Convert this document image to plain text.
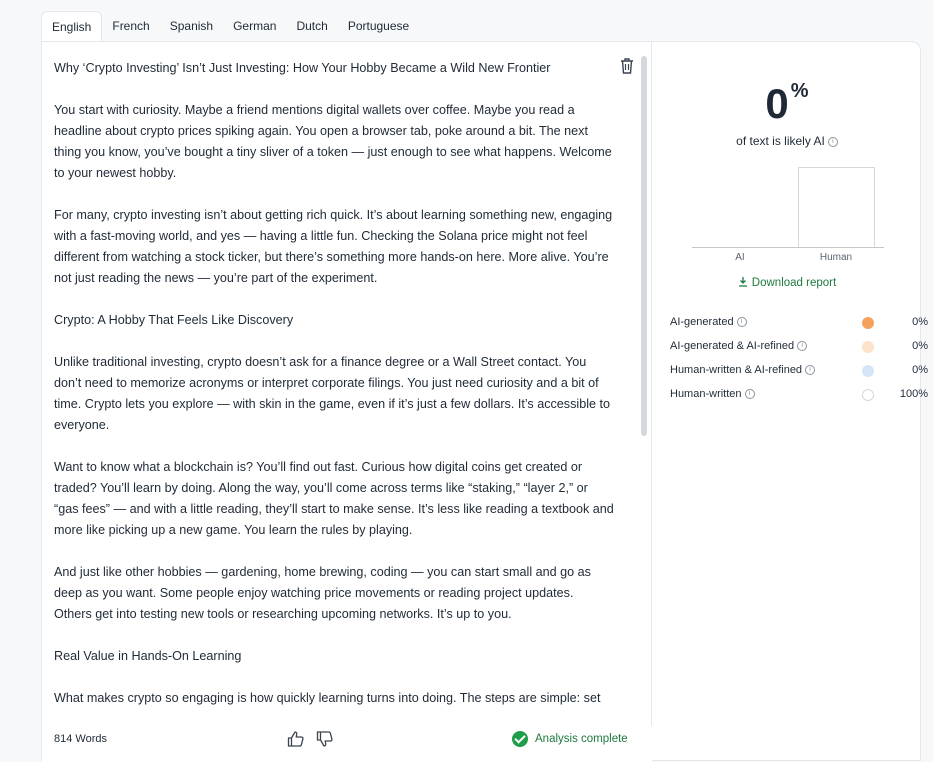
English	French	Spanish	German	Dutch	Portuguese

Why ‘Crypto Investing’ Isn’t Just Investing: How Your Hobby Became a Wild New Frontier

You start with curiosity. Maybe a friend mentions digital wallets over coffee. Maybe you read a headline about crypto prices spiking again. You open a browser tab, poke around a bit. The next thing you know, you’ve bought a tiny sliver of a token — just enough to see what happens. Welcome to your newest hobby.

For many, crypto investing isn’t about getting rich quick. It’s about learning something new, engaging with a fast-moving world, and yes — having a little fun. Checking the Solana price might not feel different from watching a stock ticker, but there’s something more hands-on here. More alive. You’re not just reading the news — you’re part of the experiment.

Crypto: A Hobby That Feels Like Discovery

Unlike traditional investing, crypto doesn’t ask for a finance degree or a Wall Street contact. You don’t need to memorize acronyms or interpret corporate filings. You just need curiosity and a bit of time. Crypto lets you explore — with skin in the game, even if it’s just a few dollars. It’s accessible to everyone.

Want to know what a blockchain is? You’ll find out fast. Curious how digital coins get created or traded? You’ll learn by doing. Along the way, you’ll come across terms like “staking,” “layer 2,” or “gas fees” — and with a little reading, they’ll start to make sense. It’s less like reading a textbook and more like picking up a new game. You learn the rules by playing.

And just like other hobbies — gardening, home brewing, coding — you can start small and go as deep as you want. Some people enjoy watching price movements or reading project updates. Others get into testing new tools or researching upcoming networks. It’s up to you.

Real Value in Hands-On Learning

What makes crypto so engaging is how quickly learning turns into doing. The steps are simple: set

814 Words	Analysis complete
0 %
of text is likely AI i
AI	Human
Download report
AI-generated i	0%
AI-generated & AI-refined i	0%
Human-written & AI-refined i	0%
Human-written i	100%
